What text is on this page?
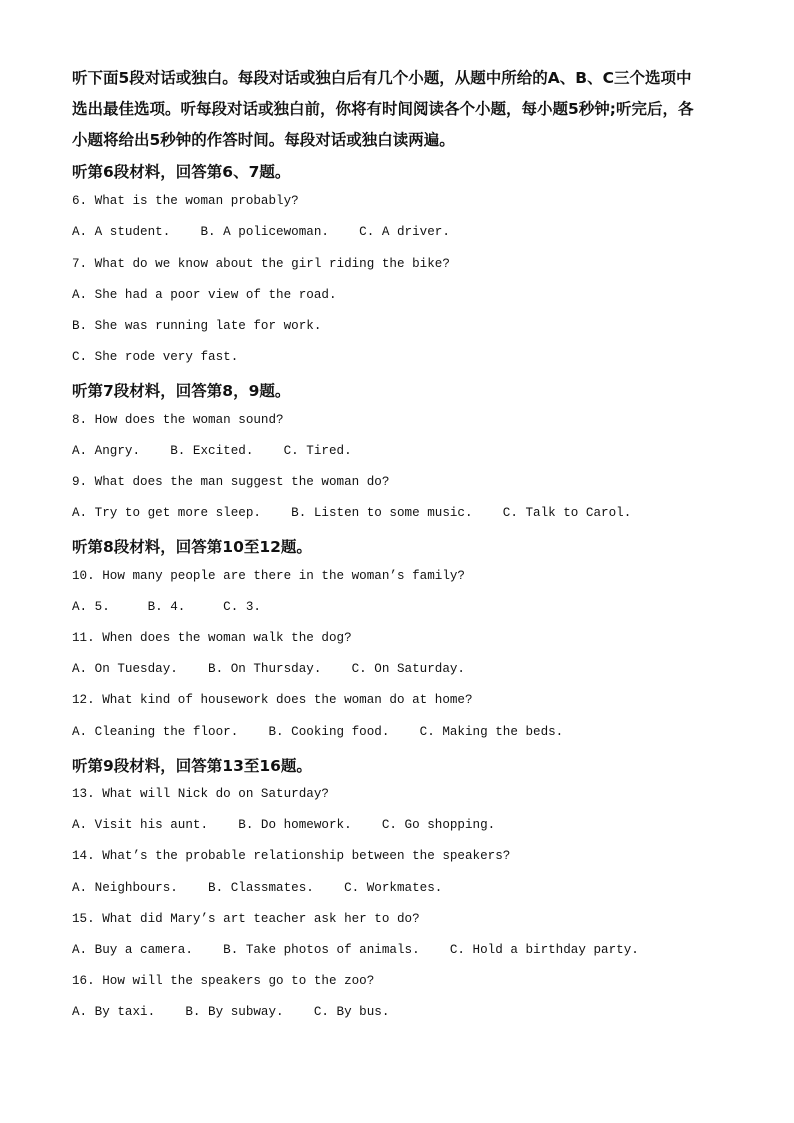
听下面5段对话或独白。每段对话或独白后有几个小题，从题中所给的A、B、C三个选项中
选出最佳选项。听每段对话或独白前，你将有时间阅读各个小题，每小题5秒钟;听完后，各
小题将给出5秒钟的作答时间。每段对话或独白读两遍。
听第6段材料，回答第6、7题。
6. What is the woman probably?
A. A student.    B. A policewoman.    C. A driver.
7. What do we know about the girl riding the bike?
A. She had a poor view of the road.
B. She was running late for work.
C. She rode very fast.
听第7段材料，回答第8，9题。
8. How does the woman sound?
A. Angry.    B. Excited.    C. Tired.
9. What does the man suggest the woman do?
A. Try to get more sleep.    B. Listen to some music.    C. Talk to Carol.
听第8段材料，回答第10至12题。
10. How many people are there in the woman’s family?
A. 5.     B. 4.     C. 3.
11. When does the woman walk the dog?
A. On Tuesday.    B. On Thursday.    C. On Saturday.
12. What kind of housework does the woman do at home?
A. Cleaning the floor.    B. Cooking food.    C. Making the beds.
听第9段材料，回答第13至16题。
13. What will Nick do on Saturday?
A. Visit his aunt.    B. Do homework.    C. Go shopping.
14. What’s the probable relationship between the speakers?
A. Neighbours.    B. Classmates.    C. Workmates.
15. What did Mary’s art teacher ask her to do?
A. Buy a camera.    B. Take photos of animals.    C. Hold a birthday party.
16. How will the speakers go to the zoo?
A. By taxi.    B. By subway.    C. By bus.
